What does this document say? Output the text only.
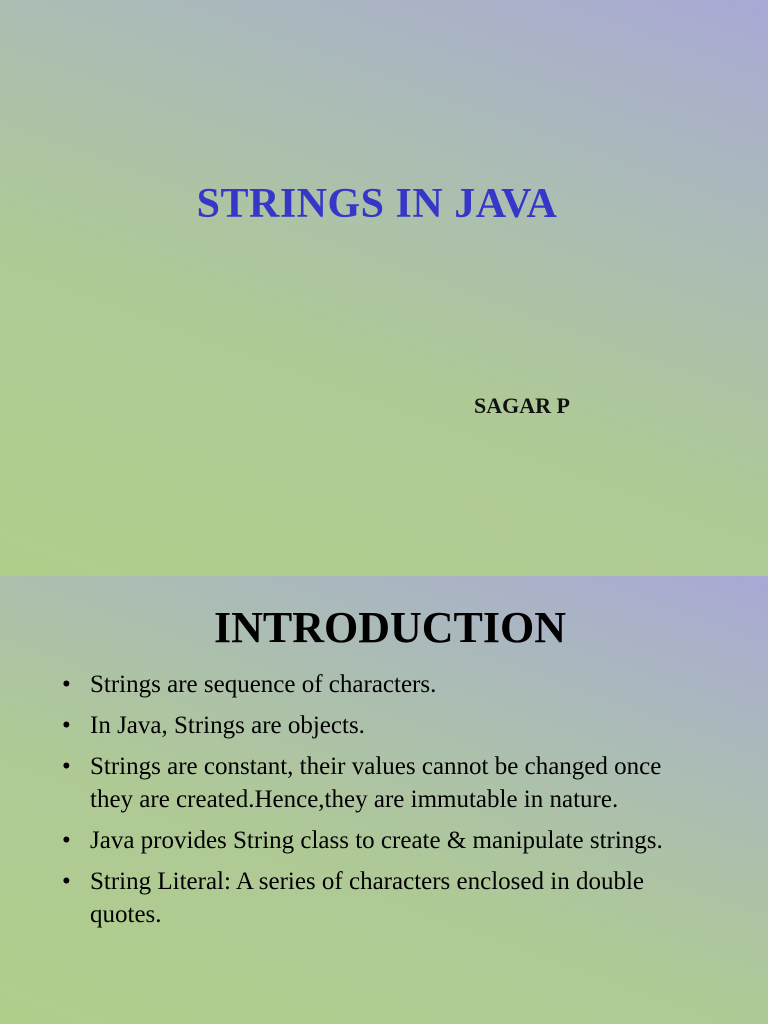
STRINGS IN JAVA

SAGAR P

INTRODUCTION
• Strings are sequence of characters.
• In Java, Strings are objects.
• Strings are constant, their values cannot be changed once they are created.Hence,they are immutable in nature.
• Java provides String class to create & manipulate strings.
• String Literal: A series of characters enclosed in double quotes.
